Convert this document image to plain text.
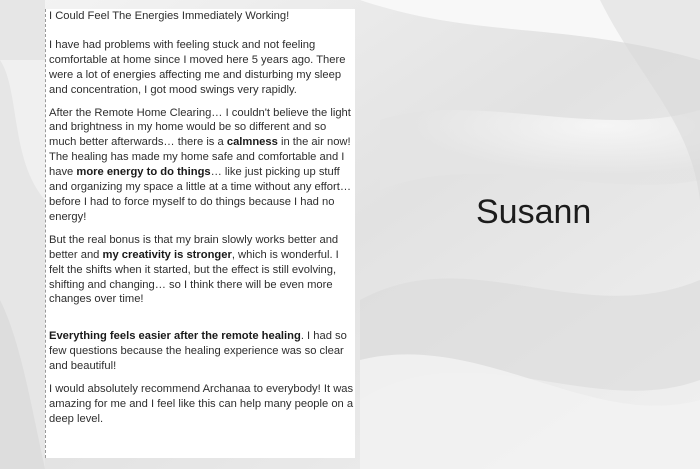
I Could Feel The Energies Immediately Working!

I have had problems with feeling stuck and not feeling comfortable at home since I moved here 5 years ago. There were a lot of energies affecting me and disturbing my sleep and concentration, I got mood swings very rapidly.

After the Remote Home Clearing… I couldn't believe the light and brightness in my home would be so different and so much better afterwards… there is a calmness in the air now! The healing has made my home safe and comfortable and I have more energy to do things… like just picking up stuff and organizing my space a little at a time without any effort… before I had to force myself to do things because I had no energy!

But the real bonus is that my brain slowly works better and better and my creativity is stronger, which is wonderful. I felt the shifts when it started, but the effect is still evolving, shifting and changing… so I think there will be even more changes over time!

Everything feels easier after the remote healing. I had so few questions because the healing experience was so clear and beautiful!

I would absolutely recommend Archanaa to everybody! It was amazing for me and I feel like this can help many people on a deep level.

Susann
